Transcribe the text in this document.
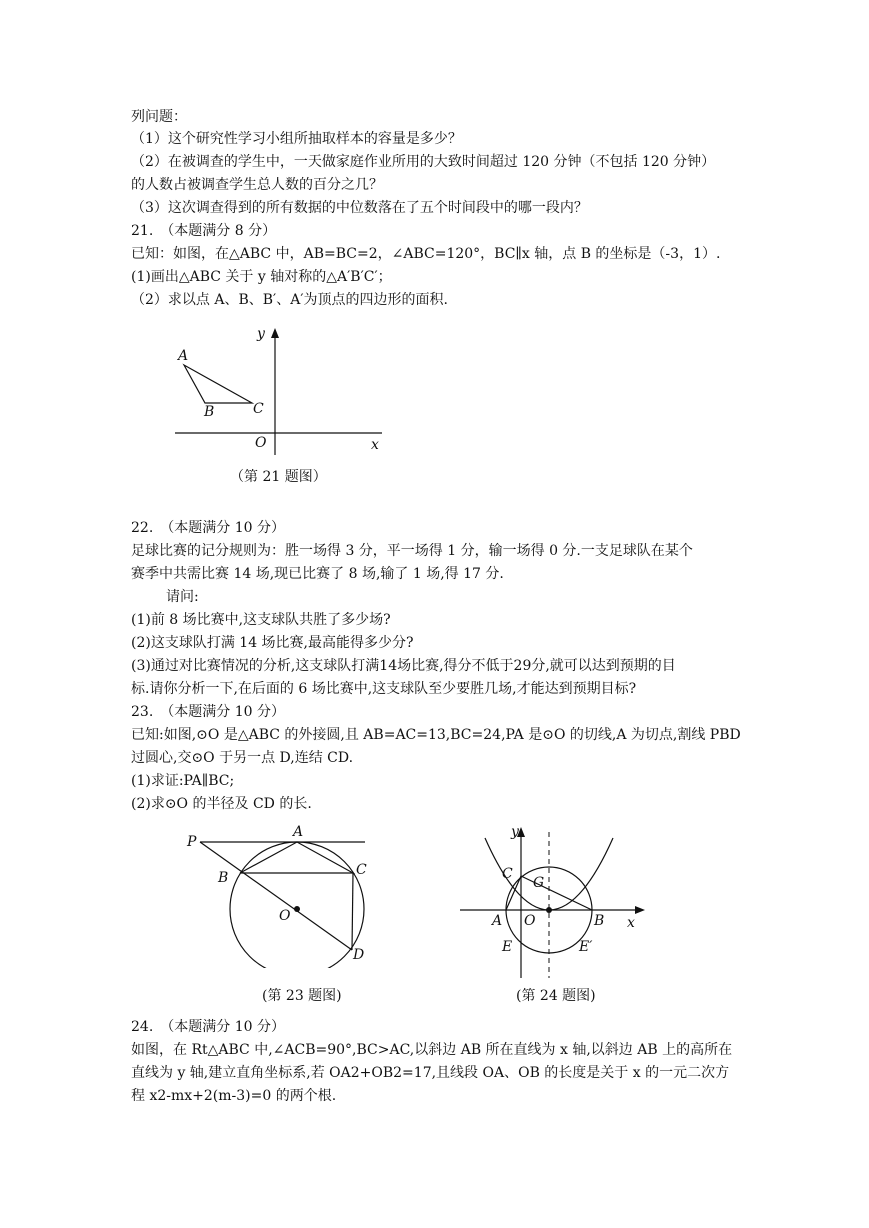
列问题：
（1）这个研究性学习小组所抽取样本的容量是多少？
（2）在被调查的学生中，一天做家庭作业所用的大致时间超过 120 分钟（不包括 120 分钟）
的人数占被调查学生总人数的百分之几？
（3）这次调查得到的所有数据的中位数落在了五个时间段中的哪一段内？
21.　（本题满分 8 分）
已知：如图，在△ABC 中，AB=BC=2，∠ABC=120°，BC∥x 轴，点 B 的坐标是（-3，1）.
(1)画出△ABC 关于 y 轴对称的△A′B′C′；
（2）求以点 A、B、B′、A′为顶点的四边形的面积.
y
x
O
A
B	C
（第 21 题图）
22.　（本题满分 10 分）
足球比赛的记分规则为：胜一场得 3 分，平一场得 1 分，输一场得 0 分.一支足球队在某个
赛季中共需比赛 14 场,现已比赛了 8 场,输了 1 场,得 17 分.
请问:
(1)前 8 场比赛中,这支球队共胜了多少场?
(2)这支球队打满 14 场比赛,最高能得多少分?
(3)通过对比赛情况的分析,这支球队打满14场比赛,得分不低于29分,就可以达到预期的目
标.请你分析一下,在后面的 6 场比赛中,这支球队至少要胜几场,才能达到预期目标?
23.　（本题满分 10 分）
已知:如图,⊙O 是△ABC 的外接圆,且 AB=AC=13,BC=24,PA 是⊙O 的切线,A 为切点,割线 PBD
过圆心,交⊙O 于另一点 D,连结 CD.
(1)求证:PA∥BC;
(2)求⊙O 的半径及 CD 的长.
P
A
B	C
O
D
(第 23 题图)
y
x
C
G
A O	B
E	E′
(第 24 题图)
24.　（本题满分 10 分）
如图，在 Rt△ABC 中,∠ACB=90°,BC>AC,以斜边 AB 所在直线为 x 轴,以斜边 AB 上的高所在
直线为 y 轴,建立直角坐标系,若 OA2+OB2=17,且线段 OA、OB 的长度是关于 x 的一元二次方
程 x2-mx+2(m-3)=0 的两个根.
